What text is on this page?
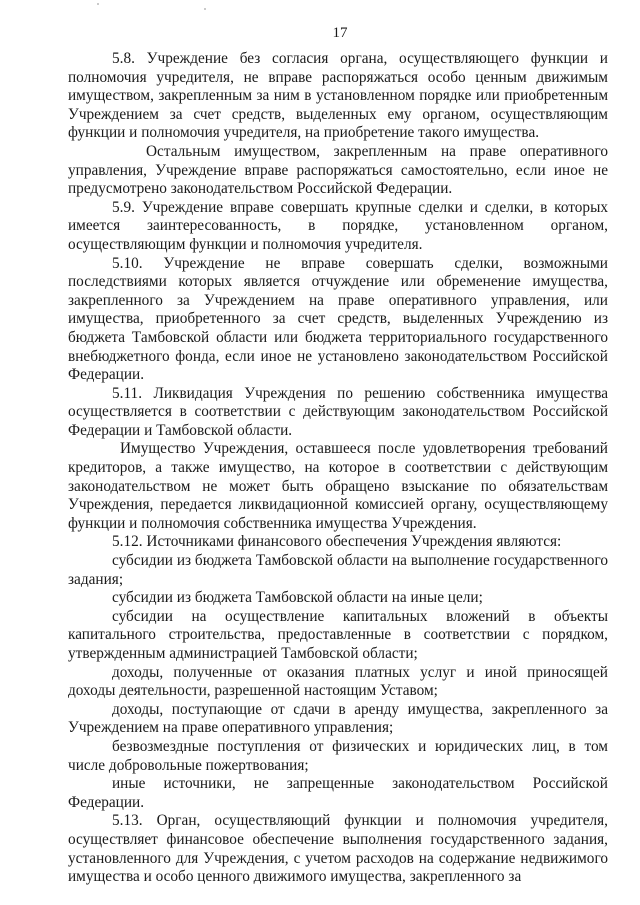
17

5.8. Учреждение без согласия органа, осуществляющего функции и полномочия учредителя, не вправе распоряжаться особо ценным движимым имуществом, закрепленным за ним в установленном порядке или приобретенным Учреждением за счет средств, выделенных ему органом, осуществляющим функции и полномочия учредителя, на приобретение такого имущества.

Остальным имуществом, закрепленным на праве оперативного управления, Учреждение вправе распоряжаться самостоятельно, если иное не предусмотрено законодательством Российской Федерации.

5.9. Учреждение вправе совершать крупные сделки и сделки, в которых имеется заинтересованность, в порядке, установленном органом, осуществляющим функции и полномочия учредителя.

5.10. Учреждение не вправе совершать сделки, возможными последствиями которых является отчуждение или обременение имущества, закрепленного за Учреждением на праве оперативного управления, или имущества, приобретенного за счет средств, выделенных Учреждению из бюджета Тамбовской области или бюджета территориального государственного внебюджетного фонда, если иное не установлено законодательством Российской Федерации.

5.11. Ликвидация Учреждения по решению собственника имущества осуществляется в соответствии с действующим законодательством Российской Федерации и Тамбовской области.

Имущество Учреждения, оставшееся после удовлетворения требований кредиторов, а также имущество, на которое в соответствии с действующим законодательством не может быть обращено взыскание по обязательствам Учреждения, передается ликвидационной комиссией органу, осуществляющему функции и полномочия собственника имущества Учреждения.

5.12. Источниками финансового обеспечения Учреждения являются:

субсидии из бюджета Тамбовской области на выполнение государственного задания;

субсидии из бюджета Тамбовской области на иные цели;

субсидии на осуществление капитальных вложений в объекты капитального строительства, предоставленные в соответствии с порядком, утвержденным администрацией Тамбовской области;

доходы, полученные от оказания платных услуг и иной приносящей доходы деятельности, разрешенной настоящим Уставом;

доходы, поступающие от сдачи в аренду имущества, закрепленного за Учреждением на праве оперативного управления;

безвозмездные поступления от физических и юридических лиц, в том числе добровольные пожертвования;

иные источники, не запрещенные законодательством Российской Федерации.

5.13. Орган, осуществляющий функции и полномочия учредителя, осуществляет финансовое обеспечение выполнения государственного задания, установленного для Учреждения, с учетом расходов на содержание недвижимого имущества и особо ценного движимого имущества, закрепленного за
